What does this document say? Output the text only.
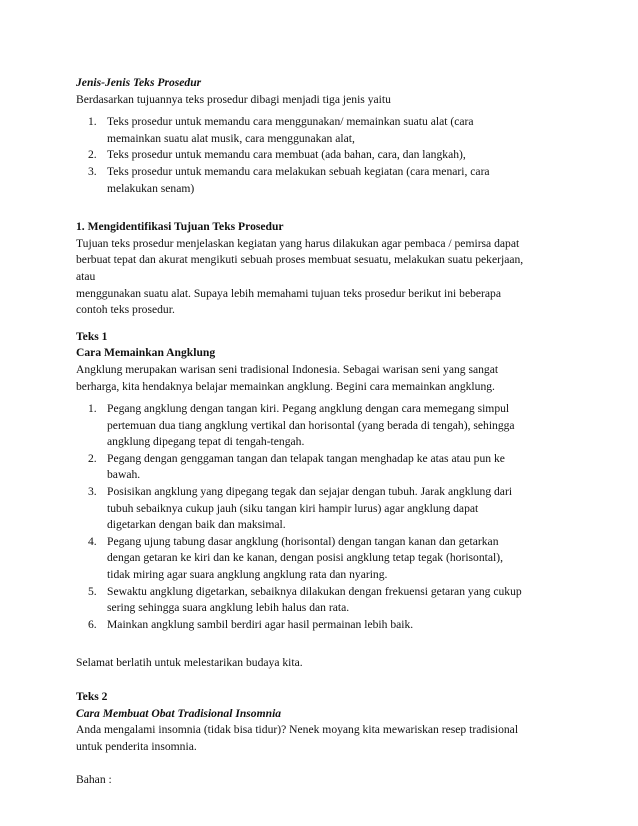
Jenis-Jenis Teks Prosedur
Berdasarkan tujuannya teks prosedur dibagi menjadi tiga jenis yaitu
1. Teks prosedur untuk memandu cara menggunakan/ memainkan suatu alat (cara
memainkan suatu alat musik, cara menggunakan alat,
2. Teks prosedur untuk memandu cara membuat (ada bahan, cara, dan langkah),
3. Teks prosedur untuk memandu cara melakukan sebuah kegiatan (cara menari, cara
melakukan senam)
1. Mengidentifikasi Tujuan Teks Prosedur
Tujuan teks prosedur menjelaskan kegiatan yang harus dilakukan agar pembaca / pemirsa dapat
berbuat tepat dan akurat mengikuti sebuah proses membuat sesuatu, melakukan suatu pekerjaan,
atau
menggunakan suatu alat. Supaya lebih memahami tujuan teks prosedur berikut ini beberapa
contoh teks prosedur.
Teks 1
Cara Memainkan Angklung
Angklung merupakan warisan seni tradisional Indonesia. Sebagai warisan seni yang sangat
berharga, kita hendaknya belajar memainkan angklung. Begini cara memainkan angklung.
1. Pegang angklung dengan tangan kiri. Pegang angklung dengan cara memegang simpul
pertemuan dua tiang angklung vertikal dan horisontal (yang berada di tengah), sehingga
angklung dipegang tepat di tengah-tengah.
2. Pegang dengan genggaman tangan dan telapak tangan menghadap ke atas atau pun ke
bawah.
3. Posisikan angklung yang dipegang tegak dan sejajar dengan tubuh. Jarak angklung dari
tubuh sebaiknya cukup jauh (siku tangan kiri hampir lurus) agar angklung dapat
digetarkan dengan baik dan maksimal.
4. Pegang ujung tabung dasar angklung (horisontal) dengan tangan kanan dan getarkan
dengan getaran ke kiri dan ke kanan, dengan posisi angklung tetap tegak (horisontal),
tidak miring agar suara angklung angklung rata dan nyaring.
5. Sewaktu angklung digetarkan, sebaiknya dilakukan dengan frekuensi getaran yang cukup
sering sehingga suara angklung lebih halus dan rata.
6. Mainkan angklung sambil berdiri agar hasil permainan lebih baik.
Selamat berlatih untuk melestarikan budaya kita.
Teks 2
Cara Membuat Obat Tradisional Insomnia
Anda mengalami insomnia (tidak bisa tidur)? Nenek moyang kita mewariskan resep tradisional
untuk penderita insomnia.
Bahan :
